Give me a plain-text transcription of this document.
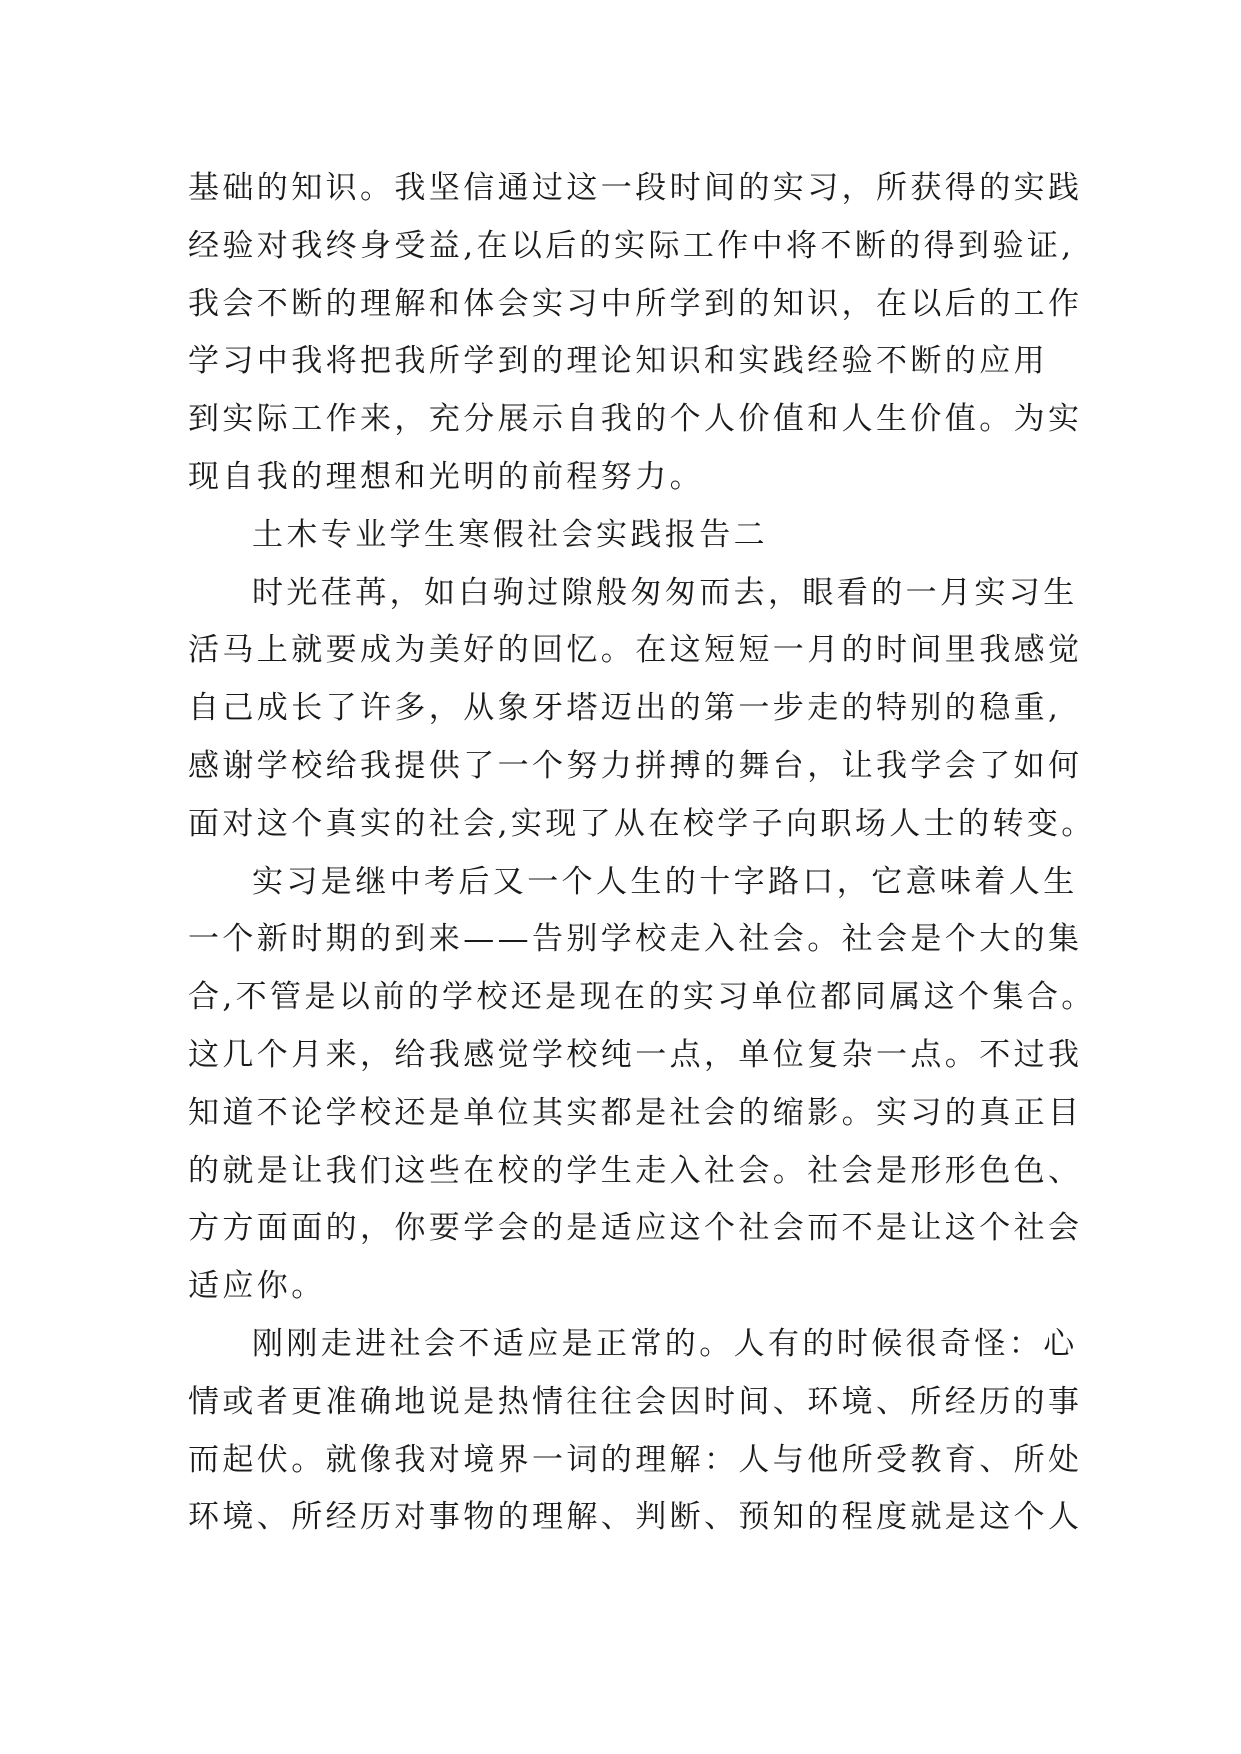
基础的知识。我坚信通过这一段时间的实习，所获得的实践
经验对我终身受益,在以后的实际工作中将不断的得到验证,
我会不断的理解和体会实习中所学到的知识，在以后的工作
学习中我将把我所学到的理论知识和实践经验不断的应用
到实际工作来，充分展示自我的个人价值和人生价值。为实
现自我的理想和光明的前程努力。
土木专业学生寒假社会实践报告二
时光荏苒，如白驹过隙般匆匆而去，眼看的一月实习生
活马上就要成为美好的回忆。在这短短一月的时间里我感觉
自己成长了许多，从象牙塔迈出的第一步走的特别的稳重,
感谢学校给我提供了一个努力拼搏的舞台，让我学会了如何
面对这个真实的社会,实现了从在校学子向职场人士的转变。
实习是继中考后又一个人生的十字路口，它意味着人生
一个新时期的到来——告别学校走入社会。社会是个大的集
合,不管是以前的学校还是现在的实习单位都同属这个集合。
这几个月来，给我感觉学校纯一点，单位复杂一点。不过我
知道不论学校还是单位其实都是社会的缩影。实习的真正目
的就是让我们这些在校的学生走入社会。社会是形形色色、
方方面面的，你要学会的是适应这个社会而不是让这个社会
适应你。
刚刚走进社会不适应是正常的。人有的时候很奇怪：心
情或者更准确地说是热情往往会因时间、环境、所经历的事
而起伏。就像我对境界一词的理解：人与他所受教育、所处
环境、所经历对事物的理解、判断、预知的程度就是这个人
